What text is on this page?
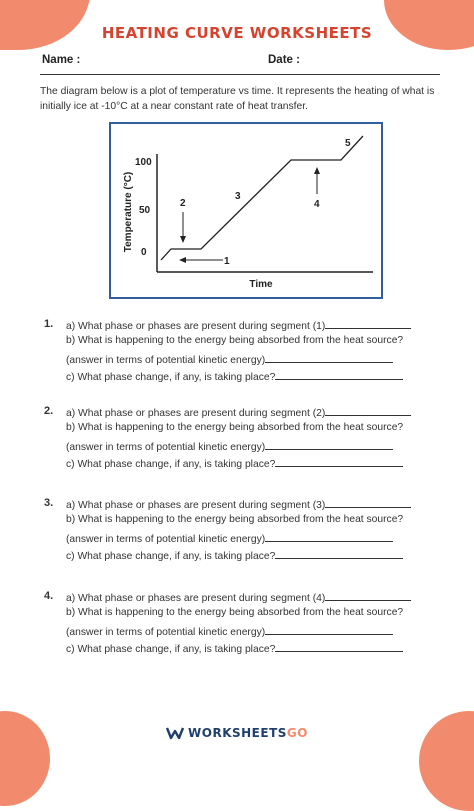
HEATING CURVE WORKSHEETS
Name :	Date :
The diagram below is a plot of temperature vs time. It represents the heating of what is initially ice at -10°C at a near constant rate of heat transfer.
Temperature (°C)
100
50
0
Time
1
2
3
4
5
1. a) What phase or phases are present during segment (1)
b) What is happening to the energy being absorbed from the heat source?
(answer in terms of potential kinetic energy)
c) What phase change, if any, is taking place?
2. a) What phase or phases are present during segment (2)
b) What is happening to the energy being absorbed from the heat source?
(answer in terms of potential kinetic energy)
c) What phase change, if any, is taking place?
3. a) What phase or phases are present during segment (3)
b) What is happening to the energy being absorbed from the heat source?
(answer in terms of potential kinetic energy)
c) What phase change, if any, is taking place?
4. a) What phase or phases are present during segment (4)
b) What is happening to the energy being absorbed from the heat source?
(answer in terms of potential kinetic energy)
c) What phase change, if any, is taking place?
WORKSHEETSGO
